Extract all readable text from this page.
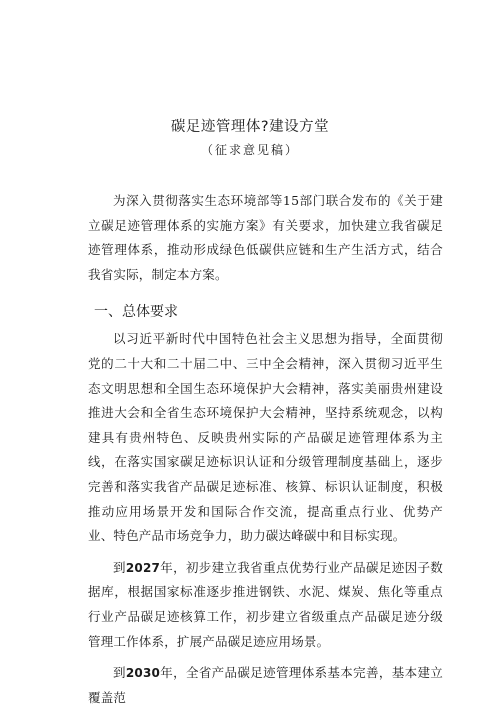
碳足迹管理体?建设方堂
（征求意见稿）

为深入贯彻落实生态环境部等15部门联合发布的《关于建立碳足迹管理体系的实施方案》有关要求，加快建立我省碳足迹管理体系，推动形成绿色低碳供应链和生产生活方式，结合我省实际，制定本方案。

一、总体要求

以习近平新时代中国特色社会主义思想为指导，全面贯彻党的二十大和二十届二中、三中全会精神，深入贯彻习近平生态文明思想和全国生态环境保护大会精神，落实美丽贵州建设推进大会和全省生态环境保护大会精神，坚持系统观念，以构建具有贵州特色、反映贵州实际的产品碳足迹管理体系为主线，在落实国家碳足迹标识认证和分级管理制度基础上，逐步完善和落实我省产品碳足迹标准、核算、标识认证制度，积极推动应用场景开发和国际合作交流，提高重点行业、优势产业、特色产品市场竞争力，助力碳达峰碳中和目标实现。

到2027年，初步建立我省重点优势行业产品碳足迹因子数据库，根据国家标准逐步推进钢铁、水泥、煤炭、焦化等重点行业产品碳足迹核算工作，初步建立省级重点产品碳足迹分级管理工作体系，扩展产品碳足迹应用场景。

到2030年，全省产品碳足迹管理体系基本完善，基本建立覆盖范
